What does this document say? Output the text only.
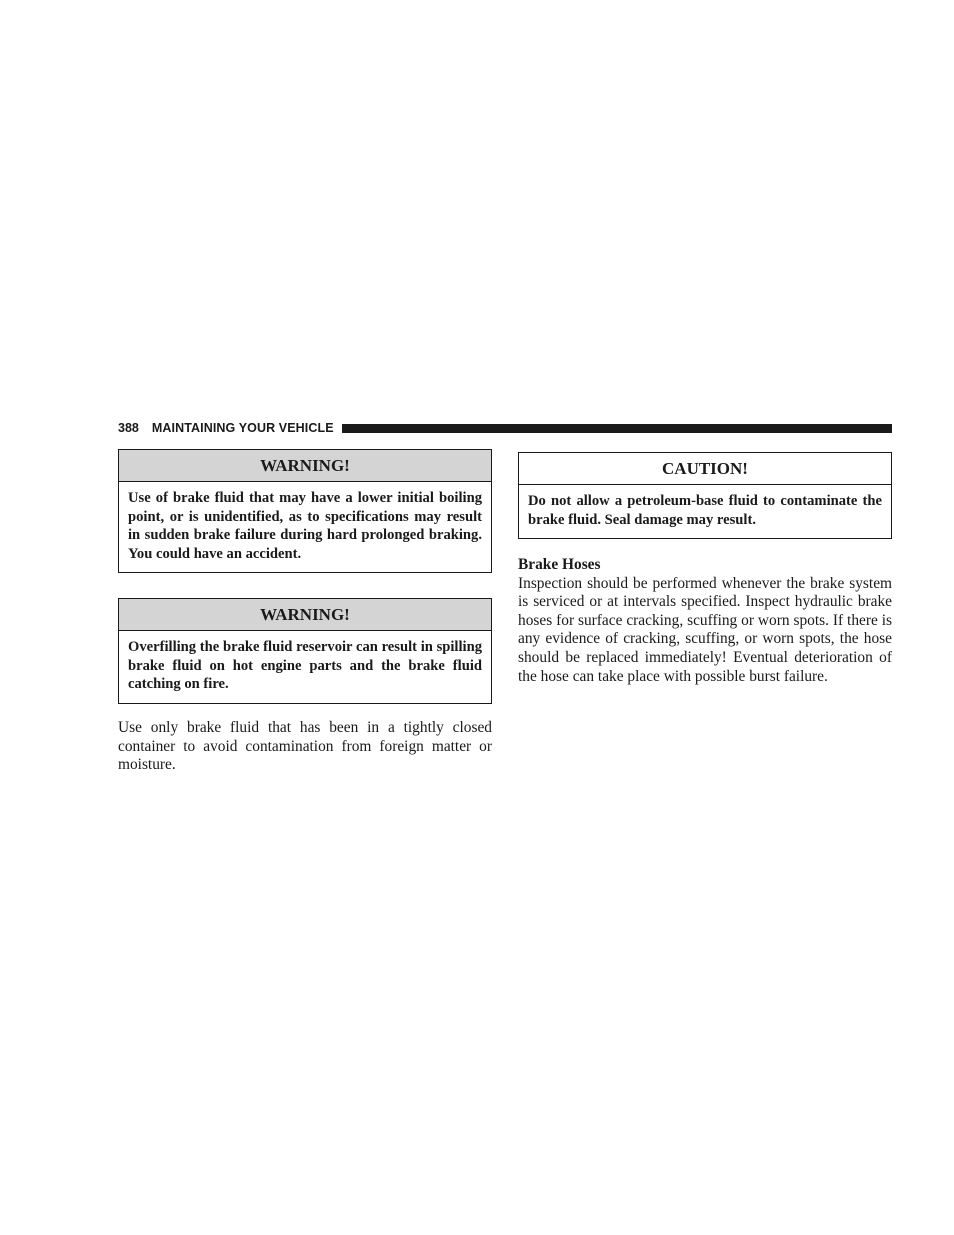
388 MAINTAINING YOUR VEHICLE
WARNING!
Use of brake fluid that may have a lower initial boiling point, or is unidentified, as to specifications may result in sudden brake failure during hard prolonged braking. You could have an accident.
WARNING!
Overfilling the brake fluid reservoir can result in spilling brake fluid on hot engine parts and the brake fluid catching on fire.

Use only brake fluid that has been in a tightly closed container to avoid contamination from foreign matter or moisture.

CAUTION!
Do not allow a petroleum-base fluid to contaminate the brake fluid. Seal damage may result.
Brake Hoses

Inspection should be performed whenever the brake system is serviced or at intervals specified. Inspect hydraulic brake hoses for surface cracking, scuffing or worn spots. If there is any evidence of cracking, scuffing, or worn spots, the hose should be replaced immediately! Eventual deterioration of the hose can take place with possible burst failure.
